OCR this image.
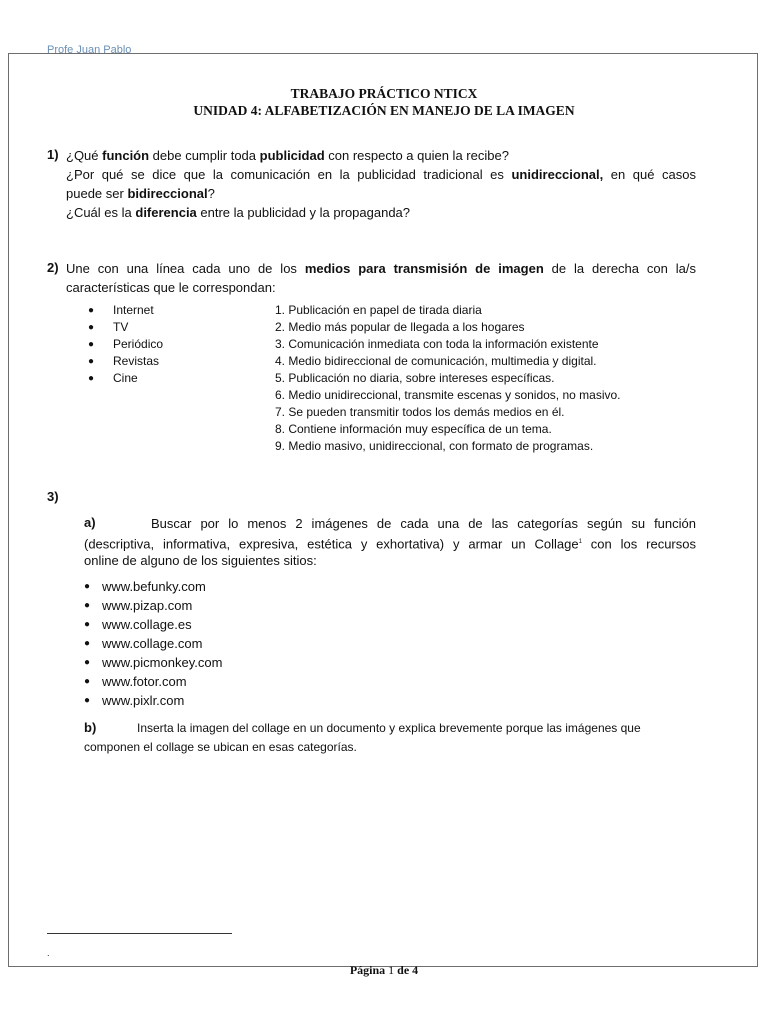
Profe Juan Pablo
TRABAJO PRÁCTICO NTICX
UNIDAD 4: ALFABETIZACIÓN EN MANEJO DE LA IMAGEN
1) ¿Qué función debe cumplir toda publicidad con respecto a quien la recibe?
¿Por qué se dice que la comunicación en la publicidad tradicional es unidireccional, en qué casos
puede ser bidireccional?
¿Cuál es la diferencia entre la publicidad y la propaganda?
2) Une con una línea cada uno de los medios para transmisión de imagen de la derecha con la/s
características que le correspondan:
●	Internet
●	TV
●	Periódico
●	Revistas
●	Cine
1. Publicación en papel de tirada diaria
2. Medio más popular de llegada a los hogares
3. Comunicación inmediata con toda la información existente
4. Medio bidireccional de comunicación, multimedia y digital.
5. Publicación no diaria, sobre intereses específicas.
6. Medio unidireccional, transmite escenas y sonidos, no masivo.
7. Se pueden transmitir todos los demás medios en él.
8. Contiene información muy específica de un tema.
9. Medio masivo, unidireccional, con formato de programas.
3)
a)	Buscar por lo menos 2 imágenes de cada una de las categorías según su función
(descriptiva, informativa, expresiva, estética y exhortativa) y armar un Collage$^1$ con los recursos
online de alguno de los siguientes sitios:
● www.befunky.com
● www.pizap.com
● www.collage.es
● www.collage.com
● www.picmonkey.com
● www.fotor.com
● www.pixlr.com
b)	Inserta la imagen del collage en un documento y explica brevemente porque las imágenes que
componen el collage se ubican en esas categorías.
.
Página 1 de 4
